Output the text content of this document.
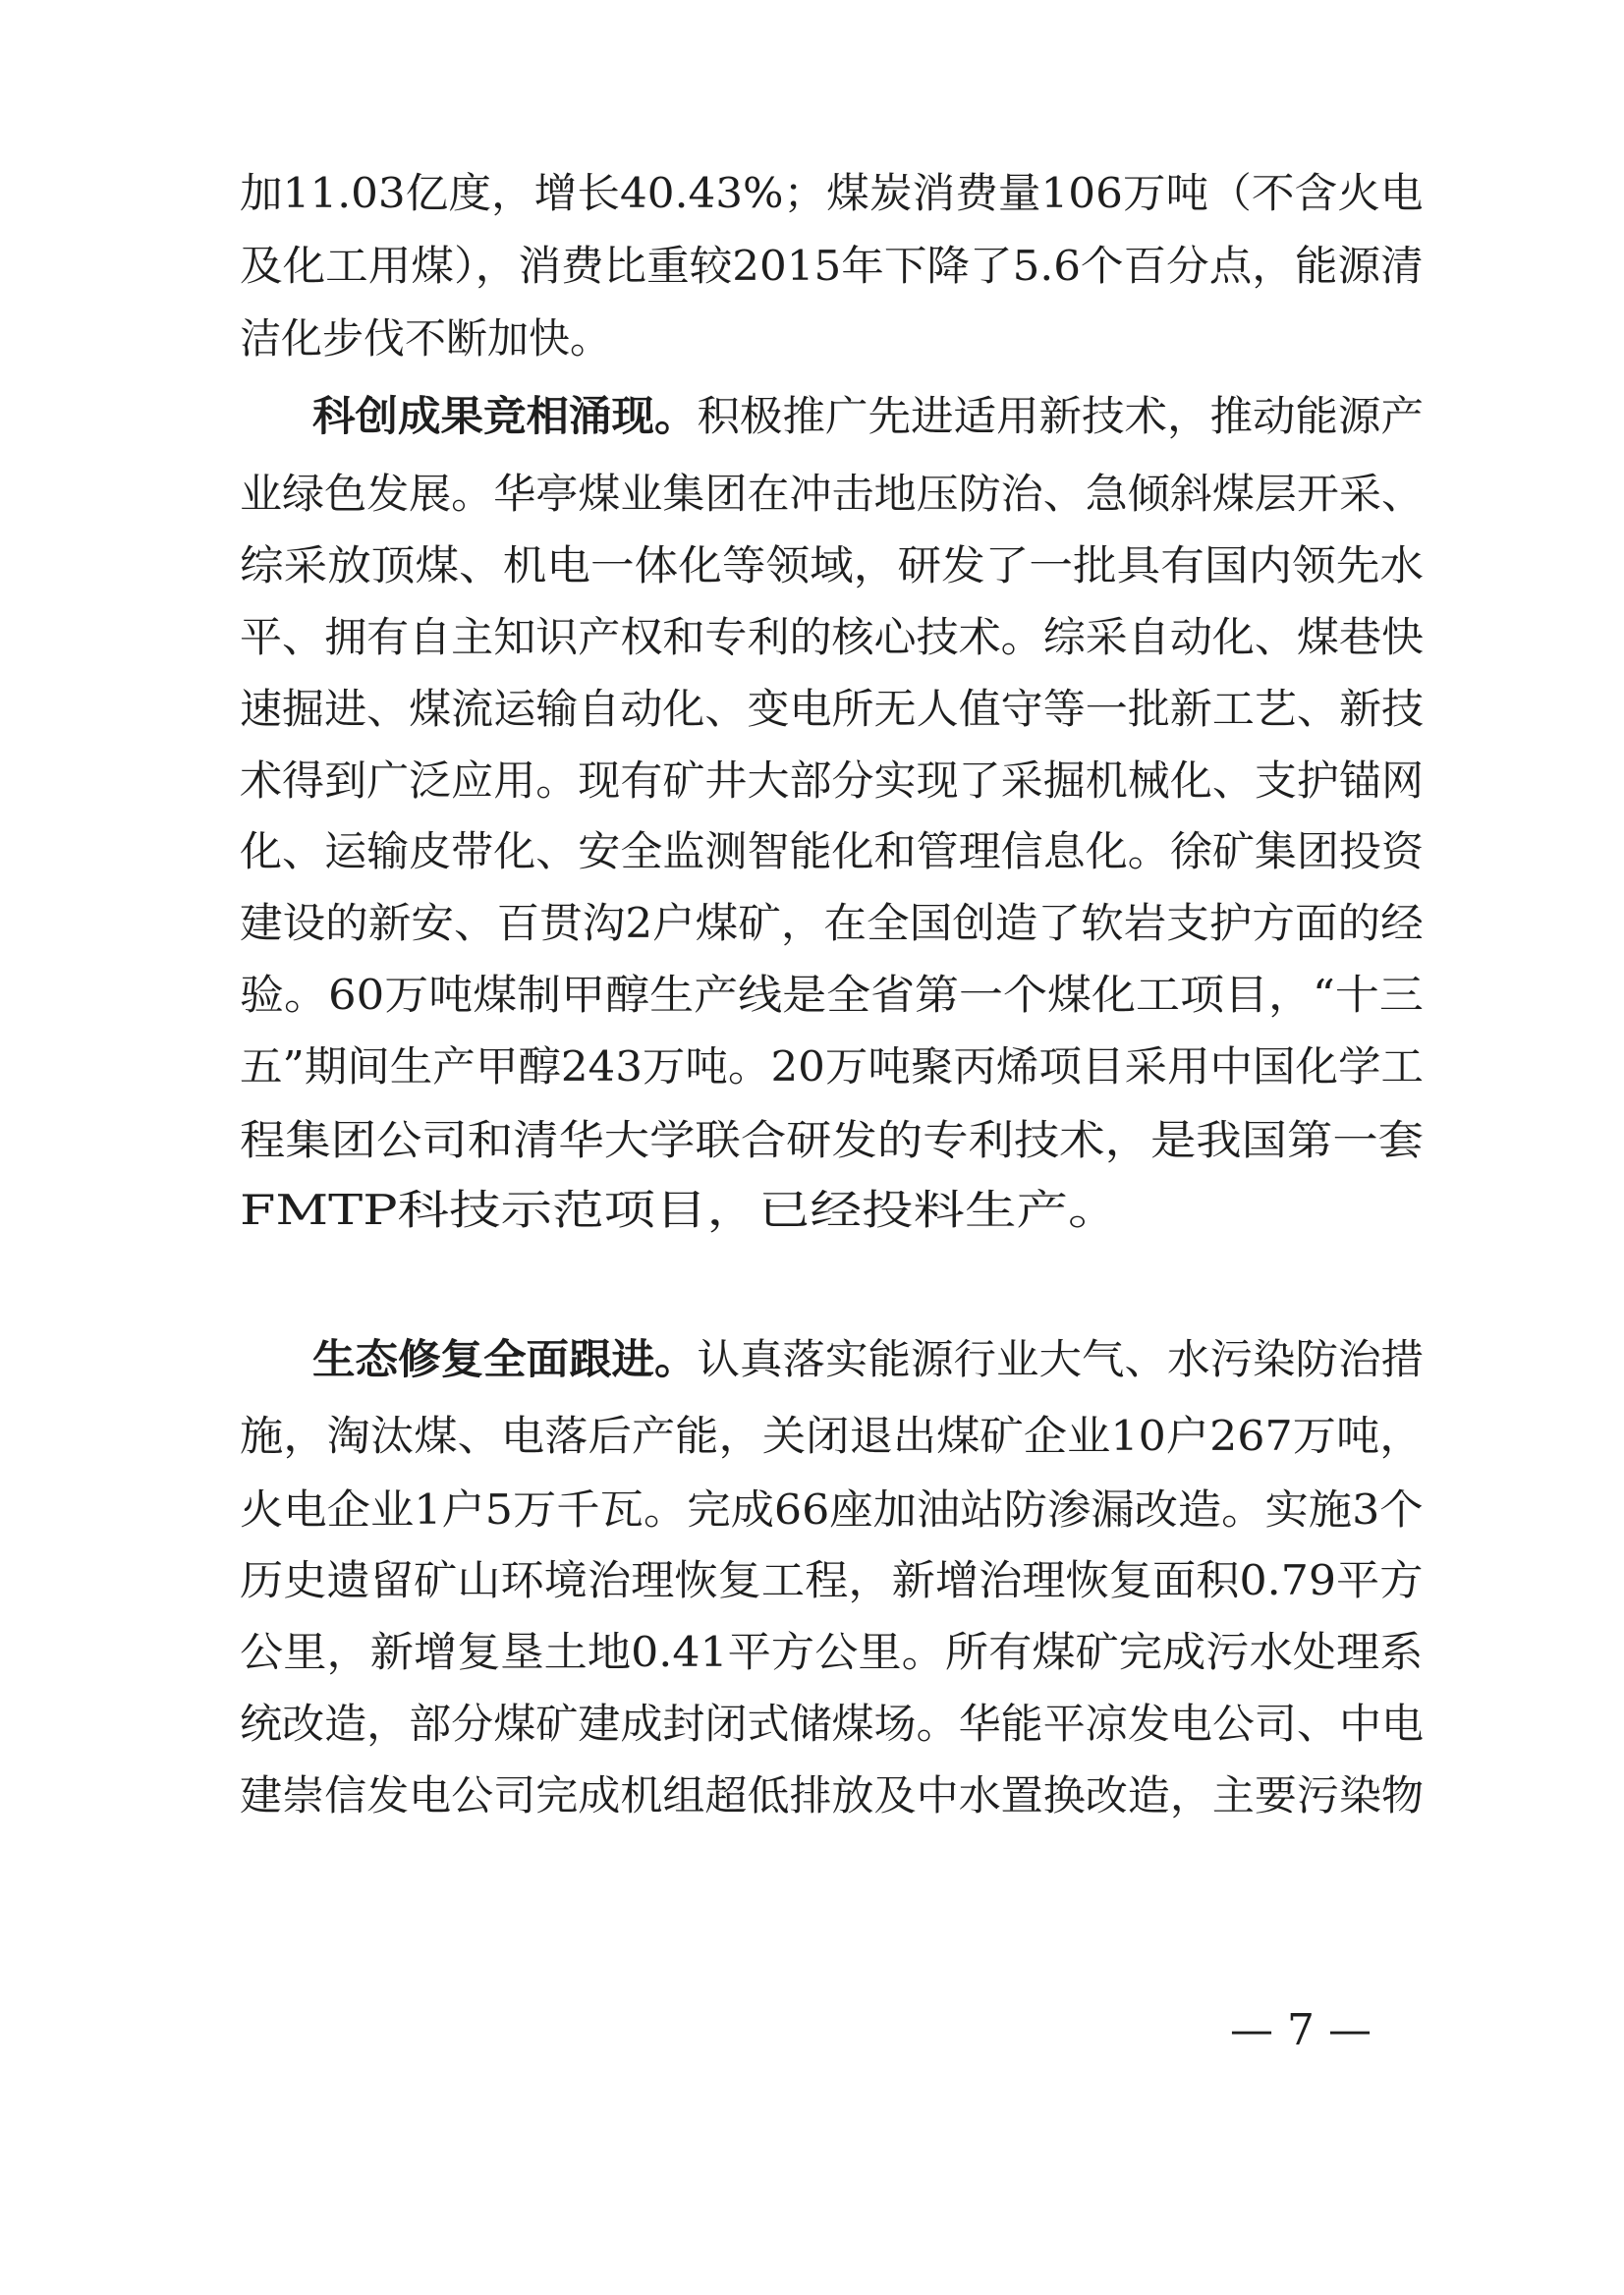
加11.03亿度，增长40.43%；煤炭消费量106万吨（不含火电
及化工用煤），消费比重较2015年下降了5.6个百分点，能源清
洁化步伐不断加快。
科创成果竞相涌现。积极推广先进适用新技术，推动能源产
业绿色发展。华亭煤业集团在冲击地压防治、急倾斜煤层开采、
综采放顶煤、机电一体化等领域，研发了一批具有国内领先水
平、拥有自主知识产权和专利的核心技术。综采自动化、煤巷快
速掘进、煤流运输自动化、变电所无人值守等一批新工艺、新技
术得到广泛应用。现有矿井大部分实现了采掘机械化、支护锚网
化、运输皮带化、安全监测智能化和管理信息化。徐矿集团投资
建设的新安、百贯沟2户煤矿，在全国创造了软岩支护方面的经
验。60万吨煤制甲醇生产线是全省第一个煤化工项目，“十三
五”期间生产甲醇243万吨。20万吨聚丙烯项目采用中国化学工
程集团公司和清华大学联合研发的专利技术，是我国第一套
FMTP科技示范项目，已经投料生产。
生态修复全面跟进。认真落实能源行业大气、水污染防治措
施，淘汰煤、电落后产能，关闭退出煤矿企业10户267万吨，
火电企业1户5万千瓦。完成66座加油站防渗漏改造。实施3个
历史遗留矿山环境治理恢复工程，新增治理恢复面积0.79平方
公里，新增复垦土地0.41平方公里。所有煤矿完成污水处理系
统改造，部分煤矿建成封闭式储煤场。华能平凉发电公司、中电
建崇信发电公司完成机组超低排放及中水置换改造，主要污染物
— 7 —
